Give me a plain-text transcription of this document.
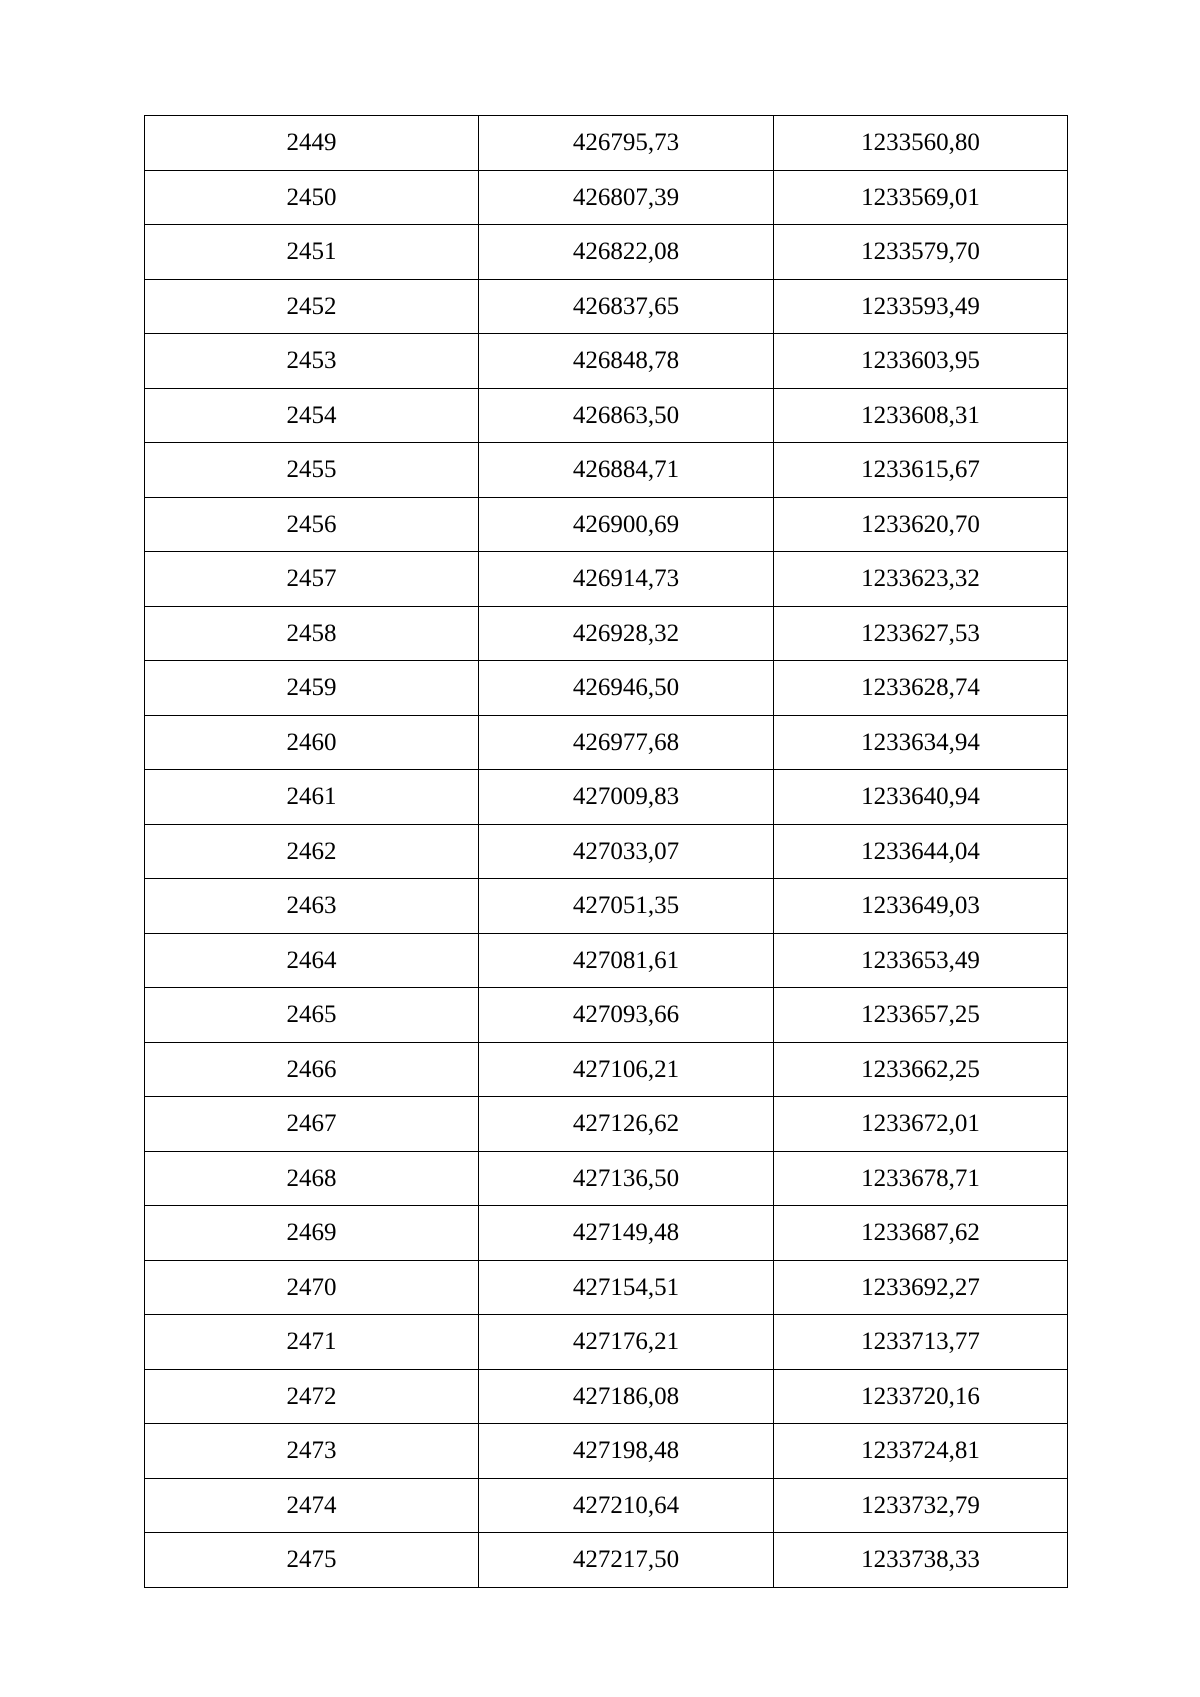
2449	426795,73	1233560,80
2450	426807,39	1233569,01
2451	426822,08	1233579,70
2452	426837,65	1233593,49
2453	426848,78	1233603,95
2454	426863,50	1233608,31
2455	426884,71	1233615,67
2456	426900,69	1233620,70
2457	426914,73	1233623,32
2458	426928,32	1233627,53
2459	426946,50	1233628,74
2460	426977,68	1233634,94
2461	427009,83	1233640,94
2462	427033,07	1233644,04
2463	427051,35	1233649,03
2464	427081,61	1233653,49
2465	427093,66	1233657,25
2466	427106,21	1233662,25
2467	427126,62	1233672,01
2468	427136,50	1233678,71
2469	427149,48	1233687,62
2470	427154,51	1233692,27
2471	427176,21	1233713,77
2472	427186,08	1233720,16
2473	427198,48	1233724,81
2474	427210,64	1233732,79
2475	427217,50	1233738,33
